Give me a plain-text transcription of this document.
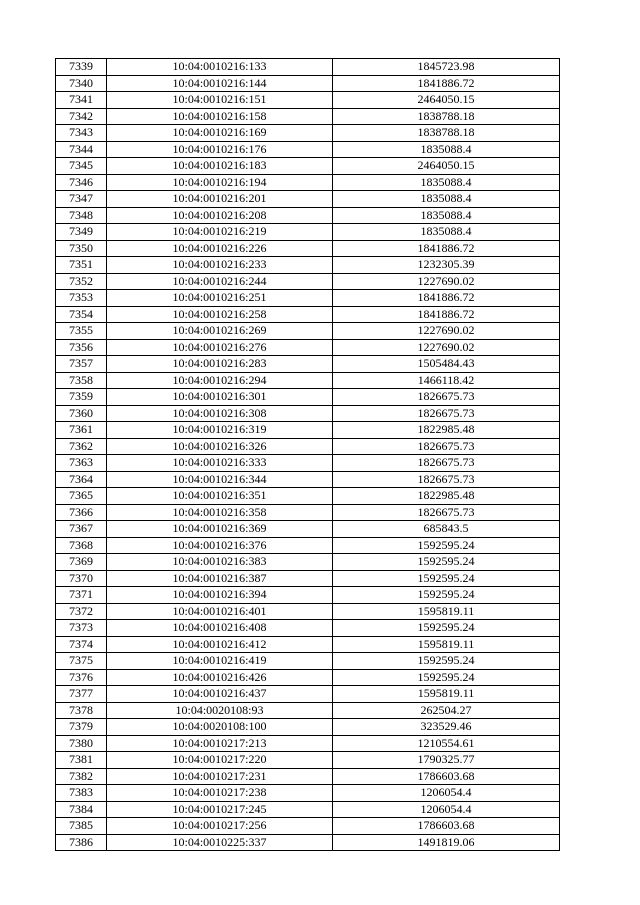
7339	10:04:0010216:133	1845723.98
7340	10:04:0010216:144	1841886.72
7341	10:04:0010216:151	2464050.15
7342	10:04:0010216:158	1838788.18
7343	10:04:0010216:169	1838788.18
7344	10:04:0010216:176	1835088.4
7345	10:04:0010216:183	2464050.15
7346	10:04:0010216:194	1835088.4
7347	10:04:0010216:201	1835088.4
7348	10:04:0010216:208	1835088.4
7349	10:04:0010216:219	1835088.4
7350	10:04:0010216:226	1841886.72
7351	10:04:0010216:233	1232305.39
7352	10:04:0010216:244	1227690.02
7353	10:04:0010216:251	1841886.72
7354	10:04:0010216:258	1841886.72
7355	10:04:0010216:269	1227690.02
7356	10:04:0010216:276	1227690.02
7357	10:04:0010216:283	1505484.43
7358	10:04:0010216:294	1466118.42
7359	10:04:0010216:301	1826675.73
7360	10:04:0010216:308	1826675.73
7361	10:04:0010216:319	1822985.48
7362	10:04:0010216:326	1826675.73
7363	10:04:0010216:333	1826675.73
7364	10:04:0010216:344	1826675.73
7365	10:04:0010216:351	1822985.48
7366	10:04:0010216:358	1826675.73
7367	10:04:0010216:369	685843.5
7368	10:04:0010216:376	1592595.24
7369	10:04:0010216:383	1592595.24
7370	10:04:0010216:387	1592595.24
7371	10:04:0010216:394	1592595.24
7372	10:04:0010216:401	1595819.11
7373	10:04:0010216:408	1592595.24
7374	10:04:0010216:412	1595819.11
7375	10:04:0010216:419	1592595.24
7376	10:04:0010216:426	1592595.24
7377	10:04:0010216:437	1595819.11
7378	10:04:0020108:93	262504.27
7379	10:04:0020108:100	323529.46
7380	10:04:0010217:213	1210554.61
7381	10:04:0010217:220	1790325.77
7382	10:04:0010217:231	1786603.68
7383	10:04:0010217:238	1206054.4
7384	10:04:0010217:245	1206054.4
7385	10:04:0010217:256	1786603.68
7386	10:04:0010225:337	1491819.06
